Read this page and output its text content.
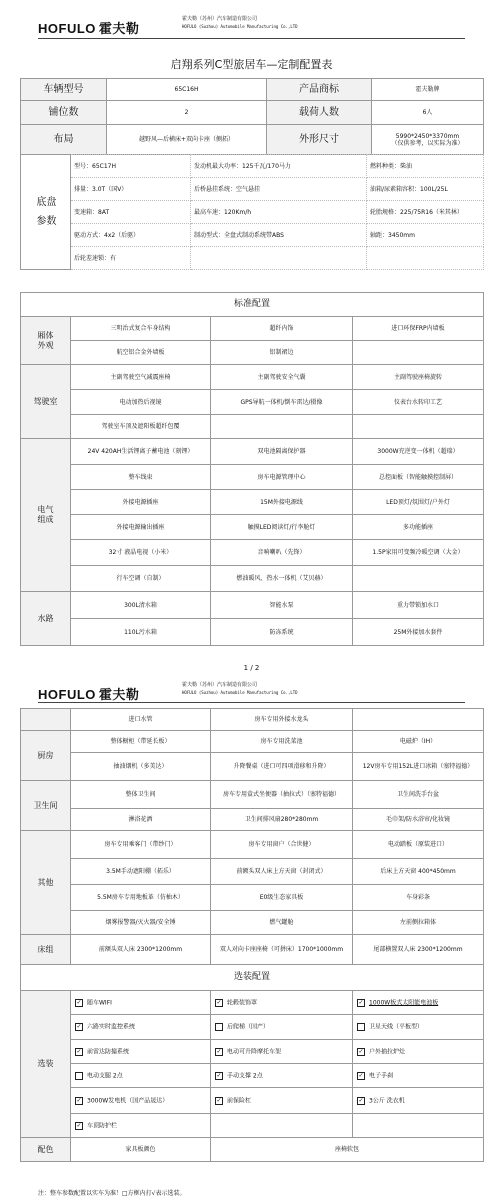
HOFULO 霍夫勒
霍夫勒（苏州）汽车制造有限公司
HOFULO (Suzhou) Automobile Manufacturing Co.,LTD
启翔系列C型旅居车—定制配置表
车辆型号	65C16H	产品商标	霍夫勒牌
铺位数	2	载荷人数	6人
布局	越野风—后横床+双向卡座（侧拓）	外形尺寸	5990*2450*3370mm
（仅供参考，以实际为准）
底盘
参数	型号：65C17H	发动机最大功率：125千瓦/170马力	燃料种类：柴油
	排量：3.0T（国V）	后桥悬挂系统：空气悬挂	油箱/尿素箱容积：100L/25L
	变速箱：8AT	最高车速：120Km/h	轮胎规格：225/75R16（米其林）
	驱动方式：4x2（后驱）	制动型式：全盘式制动系统带ABS	轴距：3450mm
	后轮差速锁：有		
标准配置			

厢体
外观	三明治式复合车身结构	超纤内饰	进口环保FRP内墙板
	航空铝合金外墙板	铝制裙边	
驾驶室	主副驾驶空气减震座椅	主副驾驶安全气囊	主副驾驶座椅旋转
	电动加热后视镜	GPS导航一体机/倒车雷达/摄像	仪表台水转印工艺
	驾驶室车顶及遮阳板超纤包覆		

电气
组成	24V 420AH生活锂离子蓄电池（刻锂）	双电池隔离保护器	3000W充逆变一体机（超瑞）
	整车线束	房车电源管理中心	总控面板（智能触摸控制屏）
	外接电源插座	15M外接电源线	LED顶灯/氛围灯/户外灯
	外接电源输出插座	触摸LED阅读灯/行李舱灯	多功能插座
	32寸 液晶电视（小米）	音响喇叭（先锋）	1.5P家用可变频冷暖空调（大金）
	行车空调（自制）	燃油暖风、热水一体机（艾贝赫）	
水路	300L清水箱	智能水泵	重力带锁加水口
	110L污水箱	防冻系统	25M外接加水套件
1 / 2
HOFULO 霍夫勒
霍夫勒（苏州）汽车制造有限公司
HOFULO (Suzhou) Automobile Manufacturing Co.,LTD
	进口水管	房车专用外接水龙头	
厨房	整体橱柜（带延长板）	房车专用洗菜池	电磁炉（IH）
	抽油烟机（多美达）	升降餐桌（进口可四项滑移和升降）	12V房车专用152L进口冰箱（塞特福德）
卫生间	整体卫生间	房车专用盒式坐便器（抽拉式）（塞特福德）	卫生间洗手台盆
	淋浴花洒	卫生间排风扇280*280mm	毛巾架/防水浴帘/化妆镜
其他	房车专用乘客门（带纱门）	房车专用窗户（合世健）	电动踏板（原装进口）
	3.5M手动遮阳棚（拓乐）	前额头双人床上方天窗（封闭式）	后床上方天窗 400*450mm
	5.5M房车专用地板革（仿柚木）	E0级生态家具板	车身彩条
	烟雾报警器/灭火器/安全锤	燃气罐舱	左前侧拉箱体
床组	前额头双人床 2300*1200mm	双人对向卡座座椅（可拼床）1700*1000mm	尾部横置双人床 2300*1200mm
选装配置			
选装	✓ 随车WIFI	✓ 轮毂装饰罩	✓ 1000W板式太阳能电池板
	✓ 六路实时监控系统	后爬梯（国产）	卫星天线（平板型）
	✓ 前雷达防撞系统	✓ 电动可升降摩托车架	✓ 户外抽拉炉灶
	电动支腿 2点	✓ 手动支撑 2点	✓ 电子手刹
	✓ 3000W发电机（国产品晟达）	✓ 前保险杠	✓ 3公斤 洗衣机
	✓ 车顶防护栏		
配色	家具板颜色	座椅软包	
注：整车参数配置以实车为准！□方框内打√表示选装。
